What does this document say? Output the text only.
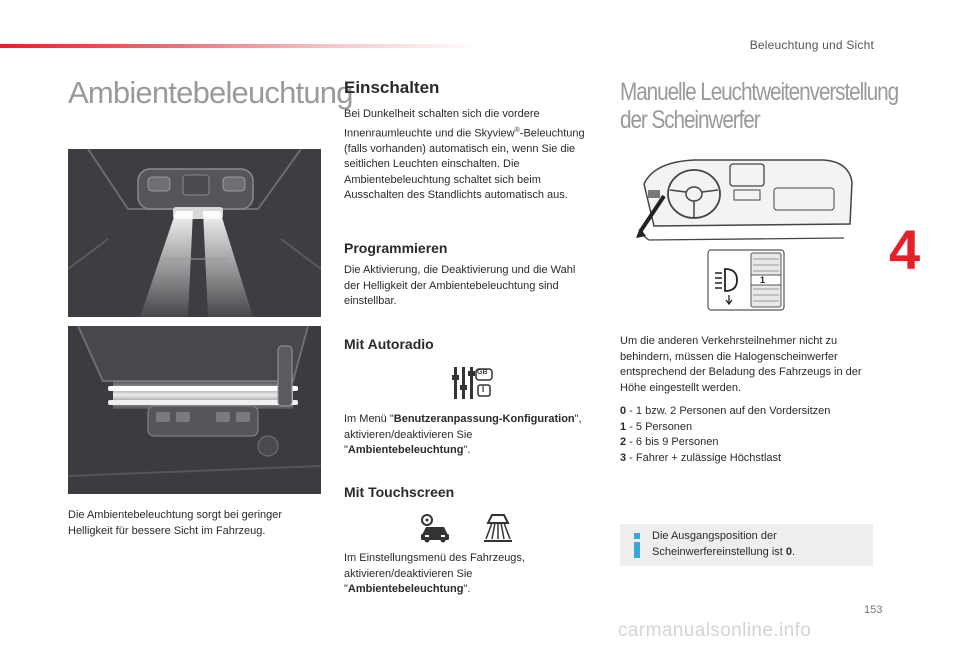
Beleuchtung und Sicht
4
Ambientebeleuchtung
Die Ambientebeleuchtung sorgt bei geringer Helligkeit für bessere Sicht im Fahrzeug.
Einschalten
Bei Dunkelheit schalten sich die vordere Innenraumleuchte und die Skyview®-Beleuchtung (falls vorhanden) automatisch ein, wenn Sie die seitlichen Leuchten einschalten. Die Ambientebeleuchtung schaltet sich beim Ausschalten des Standlichts automatisch aus.
Programmieren
Die Aktivierung, die Deaktivierung und die Wahl der Helligkeit der Ambientebeleuchtung sind einstellbar.
Mit Autoradio
GB
I
Im Menü "Benutzeranpassung-Konfiguration", aktivieren/deaktivieren Sie "Ambientebeleuchtung".
Mit Touchscreen
Im Einstellungsmenü des Fahrzeugs, aktivieren/deaktivieren Sie "Ambientebeleuchtung".
Manuelle Leuchtweitenverstellung
der Scheinwerfer
1
Um die anderen Verkehrsteilnehmer nicht zu behindern, müssen die Halogenscheinwerfer entsprechend der Beladung des Fahrzeugs in der Höhe eingestellt werden.
0 - 1 bzw. 2 Personen auf den Vordersitzen
1 - 5 Personen
2 - 6 bis 9 Personen
3 - Fahrer + zulässige Höchstlast
Die Ausgangsposition der Scheinwerfereinstellung ist 0.
153
carmanualsonline.info
